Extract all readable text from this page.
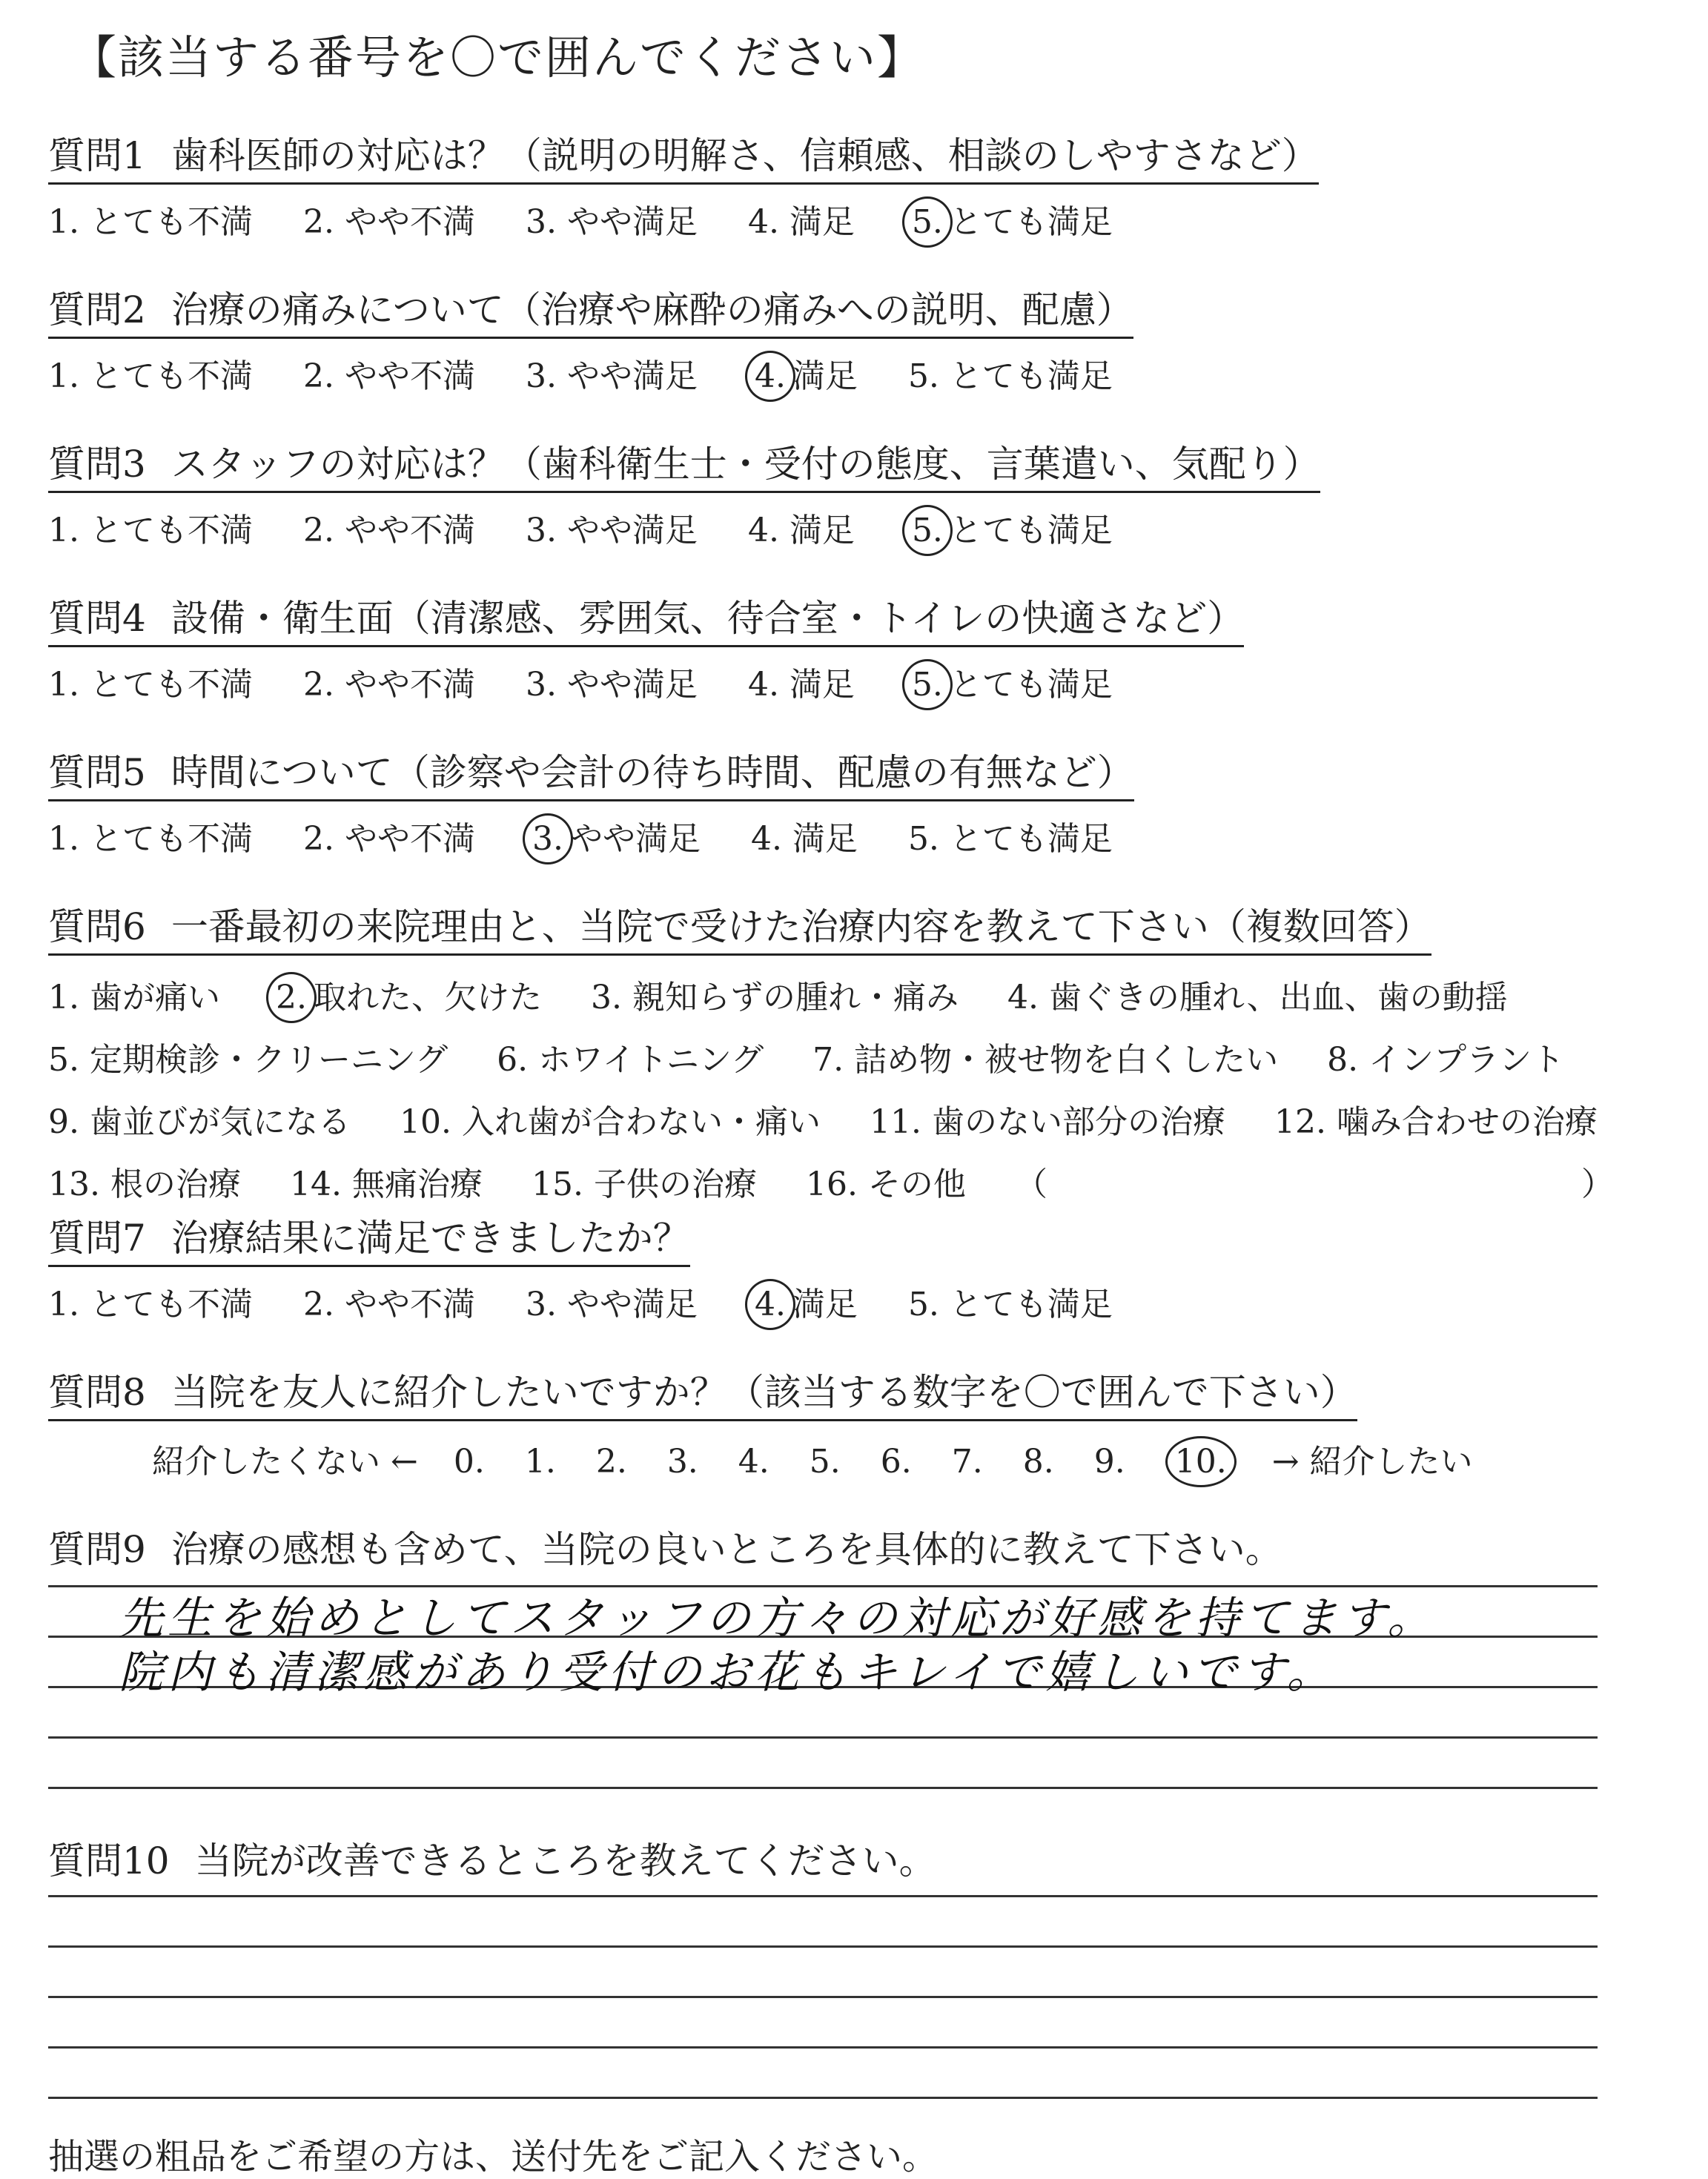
【該当する番号を〇で囲んでください】
質問1 歯科医師の対応は？（説明の明解さ、信頼感、相談のしやすさなど）
1. とても不満 2. やや不満 3. やや満足 4. 満足 5. とても満足
質問2 治療の痛みについて（治療や麻酔の痛みへの説明、配慮）
1. とても不満 2. やや不満 3. やや満足 4. 満足 5. とても満足
質問3 スタッフの対応は？（歯科衛生士・受付の態度、言葉遣い、気配り）
1. とても不満 2. やや不満 3. やや満足 4. 満足 5. とても満足
質問4 設備・衛生面（清潔感、雰囲気、待合室・トイレの快適さなど）
1. とても不満 2. やや不満 3. やや満足 4. 満足 5. とても満足
質問5 時間について（診察や会計の待ち時間、配慮の有無など）
1. とても不満 2. やや不満 3. やや満足 4. 満足 5. とても満足
質問6 一番最初の来院理由と、当院で受けた治療内容を教えて下さい（複数回答）
1. 歯が痛い 2. 取れた、欠けた 3. 親知らずの腫れ・痛み 4. 歯ぐきの腫れ、出血、歯の動揺
5. 定期検診・クリーニング 6. ホワイトニング 7. 詰め物・被せ物を白くしたい 8. インプラント
9. 歯並びが気になる 10. 入れ歯が合わない・痛い 11. 歯のない部分の治療 12. 噛み合わせの治療
13. 根の治療 14. 無痛治療 15. 子供の治療 16. その他 （	）
質問7 治療結果に満足できましたか？
1. とても不満 2. やや不満 3. やや満足 4. 満足 5. とても満足
質問8 当院を友人に紹介したいですか？（該当する数字を〇で囲んで下さい）
紹介したくない ← 0. 1. 2. 3. 4. 5. 6. 7. 8. 9. 10. → 紹介したい
質問9 治療の感想も含めて、当院の良いところを具体的に教えて下さい。
先生を始めとしてスタッフの方々の対応が好感を持てます。
院内も清潔感があり受付のお花もキレイで嬉しいです。
質問10 当院が改善できるところを教えてください。
抽選の粗品をご希望の方は、送付先をご記入ください。
